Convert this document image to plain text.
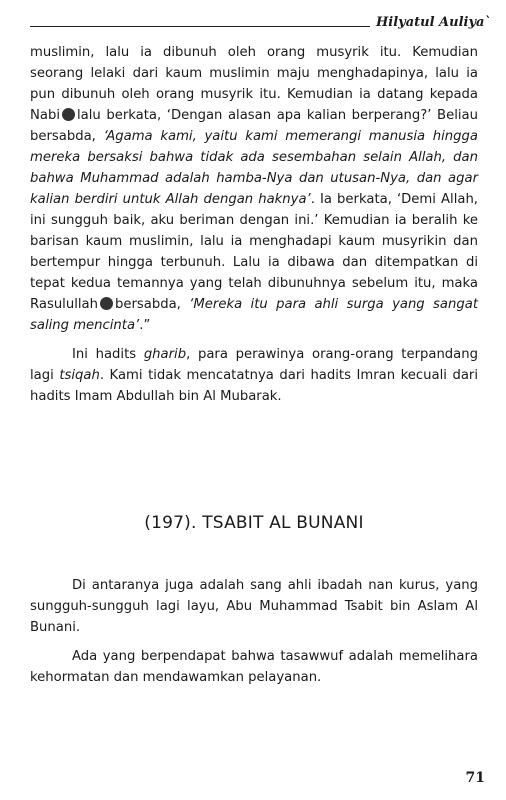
Hilyatul Auliya`

muslimin, lalu ia dibunuh oleh orang musyrik itu. Kemudian seorang lelaki dari kaum muslimin maju menghadapinya, lalu ia pun dibunuh oleh orang musyrik itu. Kemudian ia datang kepada Nabi lalu berkata, ‘Dengan alasan apa kalian berperang?’ Beliau bersabda, ‘Agama kami, yaitu kami memerangi manusia hingga mereka bersaksi bahwa tidak ada sesembahan selain Allah, dan bahwa Muhammad adalah hamba-Nya dan utusan-Nya, dan agar kalian berdiri untuk Allah dengan haknya’. Ia berkata, ‘Demi Allah, ini sungguh baik, aku beriman dengan ini.’ Kemudian ia beralih ke barisan kaum muslimin, lalu ia menghadapi kaum musyrikin dan bertempur hingga terbunuh. Lalu ia dibawa dan ditempatkan di tepat kedua temannya yang telah dibunuhnya sebelum itu, maka Rasulullah bersabda, ‘Mereka itu para ahli surga yang sangat saling mencinta’.”

Ini hadits gharib, para perawinya orang-orang terpandang lagi tsiqah. Kami tidak mencatatnya dari hadits Imran kecuali dari hadits Imam Abdullah bin Al Mubarak.

(197). TSABIT AL BUNANI

Di antaranya juga adalah sang ahli ibadah nan kurus, yang sungguh-sungguh lagi layu, Abu Muhammad Tsabit bin Aslam Al Bunani.

Ada yang berpendapat bahwa tasawwuf adalah memelihara kehormatan dan mendawamkan pelayanan.

71
